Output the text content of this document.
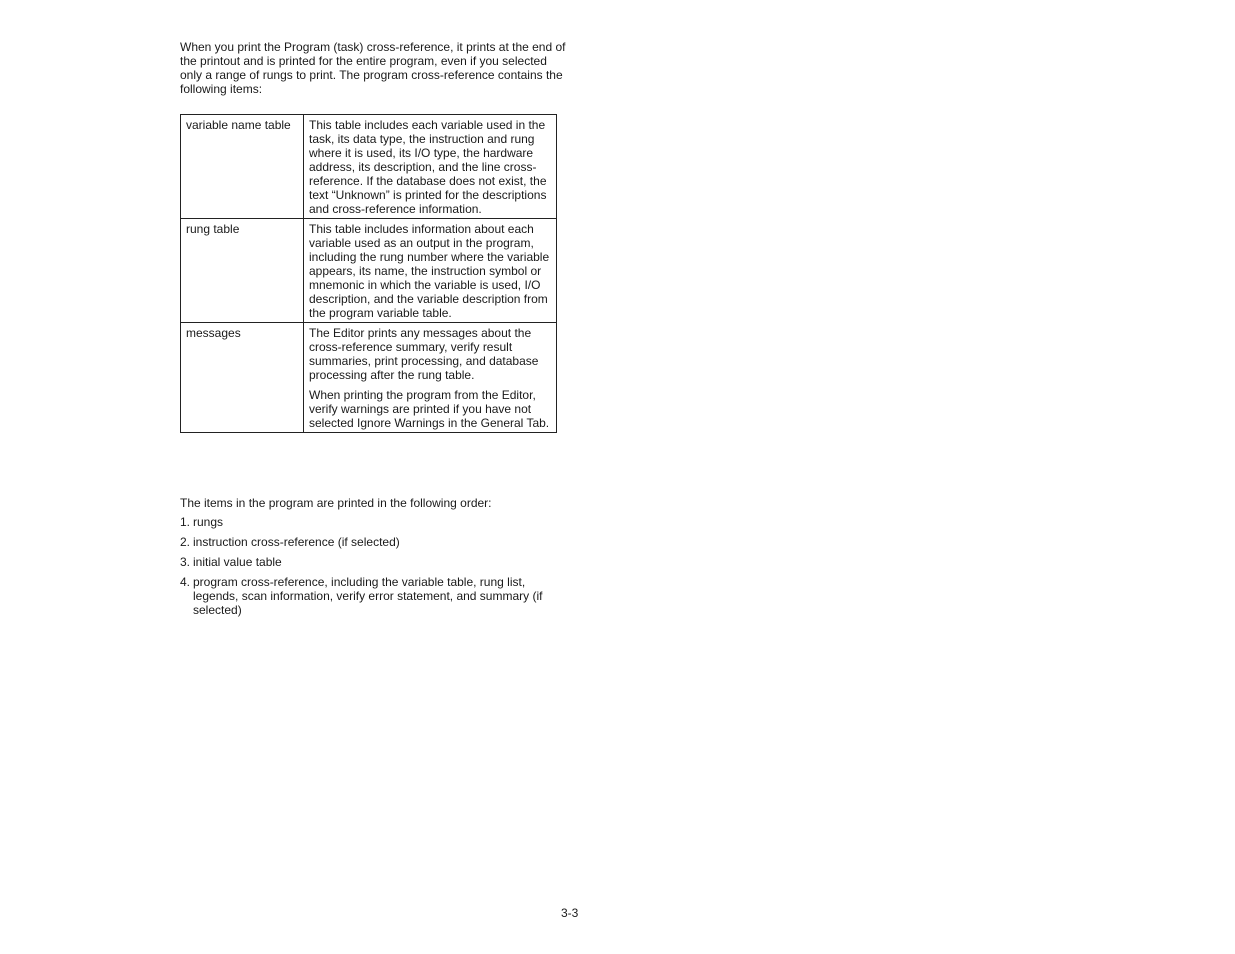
When you print the Program (task) cross-reference, it prints at the end of the printout and is printed for the entire program, even if you selected only a range of rungs to print. The program cross-reference contains the following items:

variable name table	This table includes each variable used in the task, its data type, the instruction and rung where it is used, its I/O type, the hardware address, its description, and the line cross-reference. If the database does not exist, the text “Unknown” is printed for the descriptions and cross-reference information.

rung table	This table includes information about each variable used as an output in the program, including the rung number where the variable appears, its name, the instruction symbol or mnemonic in which the variable is used, I/O description, and the variable description from the program variable table.

messages	The Editor prints any messages about the cross-reference summary, verify result summaries, print processing, and database processing after the rung table.

When printing the program from the Editor, verify warnings are printed if you have not selected Ignore Warnings in the General Tab.

The items in the program are printed in the following order:

1. rungs
2. instruction cross-reference (if selected)
3. initial value table
4. program cross-reference, including the variable table, rung list, legends, scan information, verify error statement, and summary (if selected)

3-3
